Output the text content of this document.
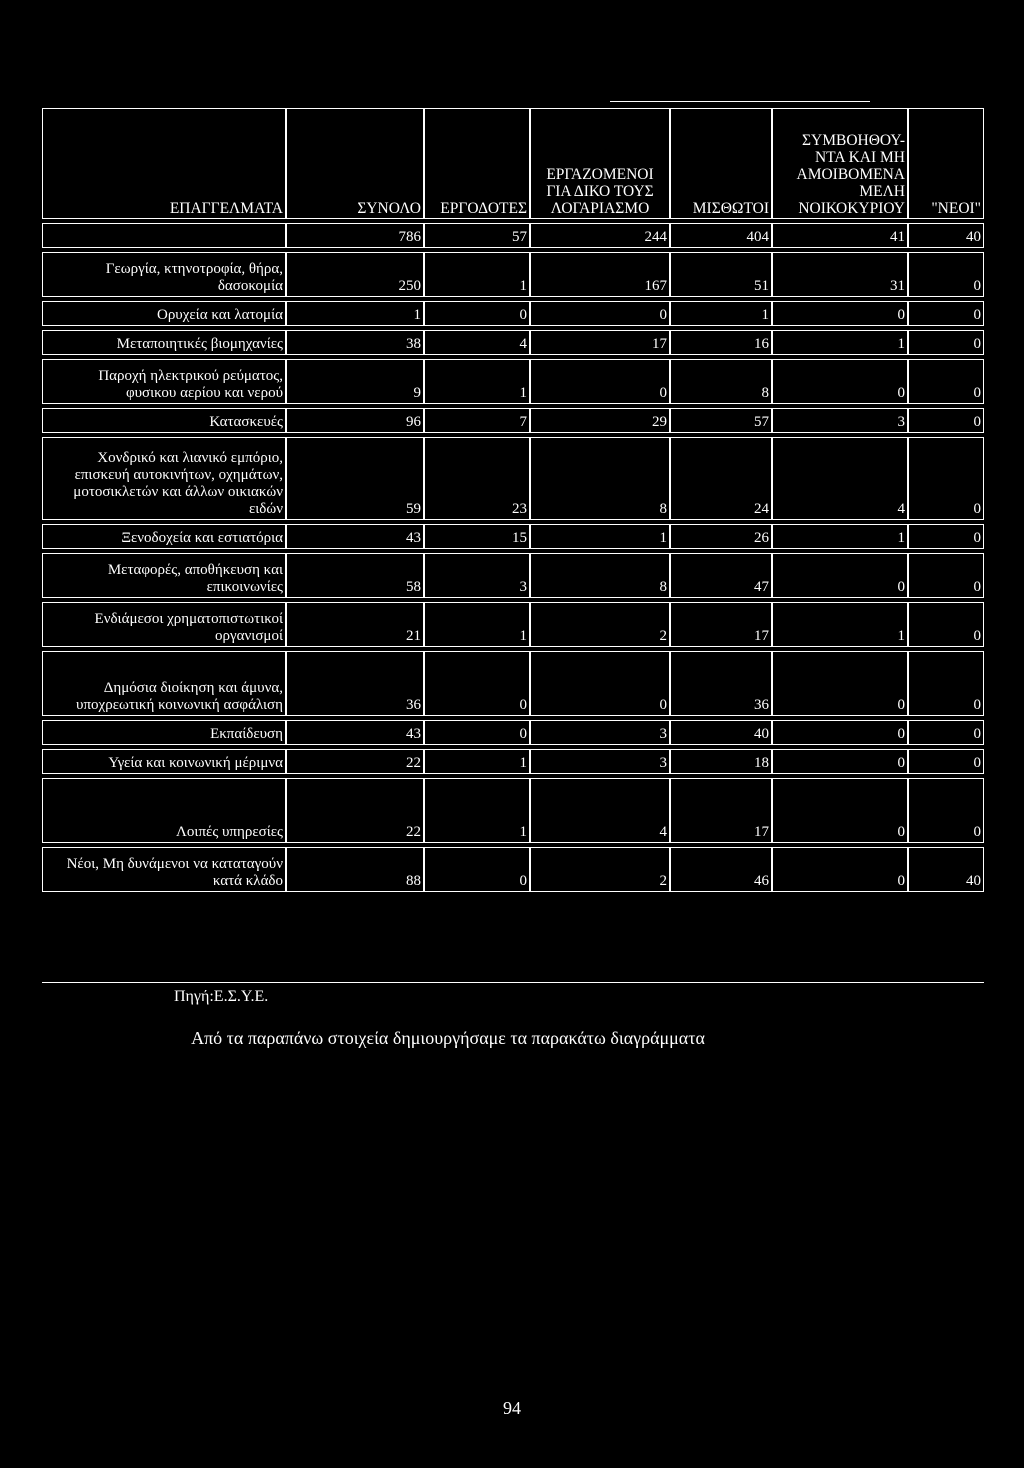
ΕΠΑΓΓΕΛΜΑΤΑ	ΣΥΝΟΛΟ	ΕΡΓΟΔΟΤΕΣ	ΕΡΓΑΖΟΜΕΝΟΙ ΓΙΑ ΔΙΚΟ ΤΟΥΣ ΛΟΓΑΡΙΑΣΜΟ	ΜΙΣΘΩΤΟΙ	ΣΥΜΒΟΗΘΟΥ- ΝΤΑ ΚΑΙ ΜΗ ΑΜΟΙΒΟΜΕΝΑ ΜΕΛΗ ΝΟΙΚΟΚΥΡΙΟΥ	"ΝΕΟΙ"
	786	57	244	404	41	40
Γεωργία, κτηνοτροφία, θήρα, δασοκομία	250	1	167	51	31	0
Ορυχεία και λατομία	1	0	0	1	0	0
Μεταποιητικές βιομηχανίες	38	4	17	16	1	0
Παροχή ηλεκτρικού ρεύματος, φυσικου αερίου και νερού	9	1	0	8	0	0
Κατασκευές	96	7	29	57	3	0
Χονδρικό και λιανικό εμπόριο, επισκευή αυτοκινήτων, οχημάτων, μοτοσικλετών και άλλων οικιακών ειδών	59	23	8	24	4	0
Ξενοδοχεία και εστιατόρια	43	15	1	26	1	0
Μεταφορές, αποθήκευση και επικοινωνίες	58	3	8	47	0	0
Ενδιάμεσοι χρηματοπιστωτικοί οργανισμοί	21	1	2	17	1	0
Δημόσια διοίκηση και άμυνα, υποχρεωτική κοινωνική ασφάλιση	36	0	0	36	0	0
Εκπαίδευση	43	0	3	40	0	0
Υγεία και κοινωνική μέριμνα	22	1	3	18	0	0
Λοιπές υπηρεσίες	22	1	4	17	0	0
Νέοι, Μη δυνάμενοι να καταταγούν κατά κλάδο	88	0	2	46	0	40
Πηγή:Ε.Σ.Υ.Ε.
Από τα παραπάνω στοιχεία δημιουργήσαμε τα παρακάτω διαγράμματα
94
